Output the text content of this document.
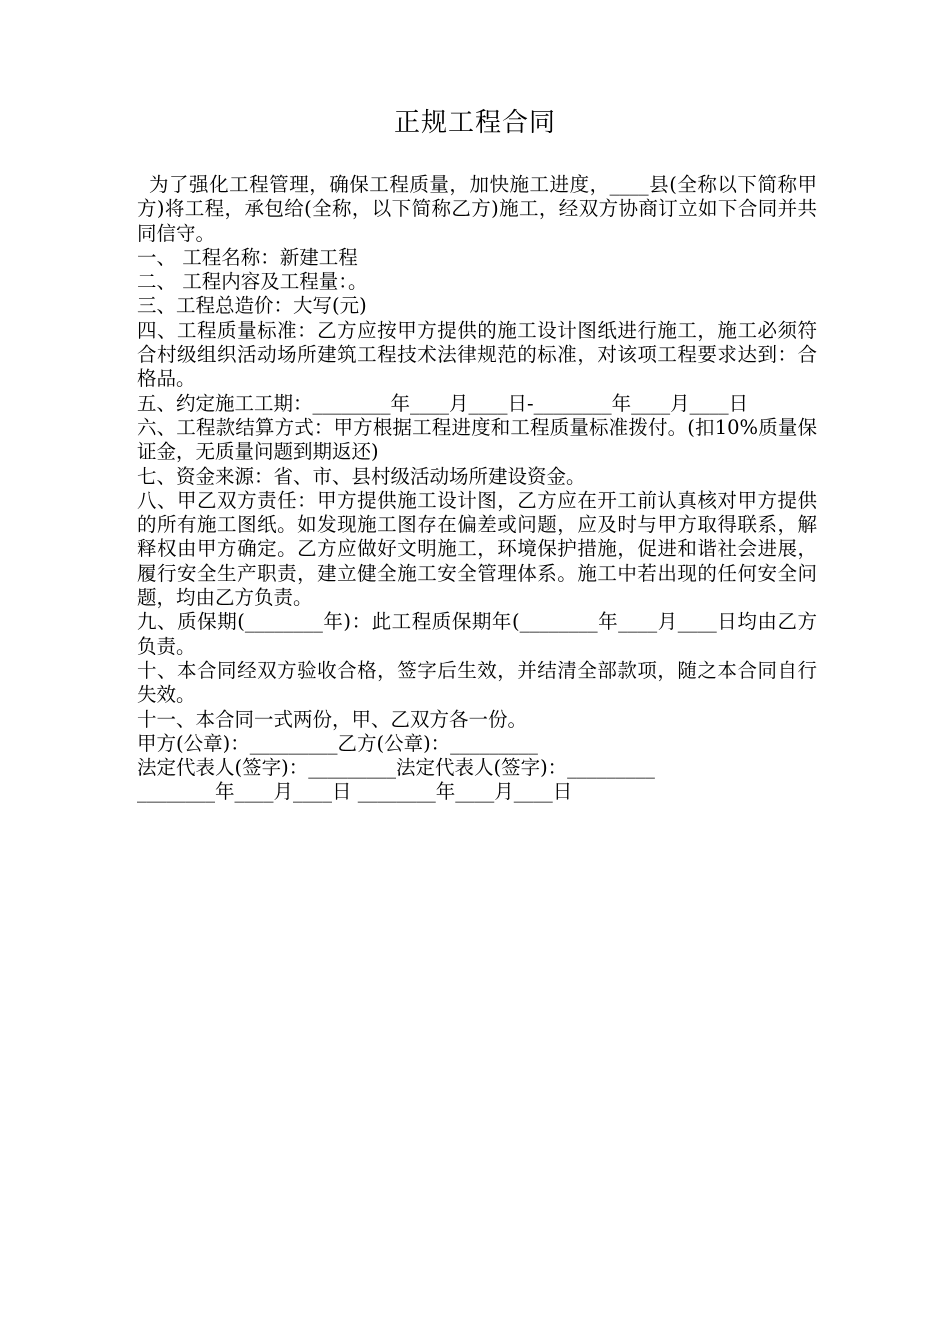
正规工程合同

为了强化工程管理，确保工程质量，加快施工进度，____县(全称以下简称甲方)将工程，承包给(全称，以下简称乙方)施工，经双方协商订立如下合同并共同信守。

一、 工程名称：新建工程

二、 工程内容及工程量：。

三、工程总造价：大写(元)

四、工程质量标准：乙方应按甲方提供的施工设计图纸进行施工，施工必须符合村级组织活动场所建筑工程技术法律规范的标准，对该项工程要求达到：合格品。

五、约定施工工期：________年____月____日-________年____月____日

六、工程款结算方式：甲方根据工程进度和工程质量标准拨付。(扣10%质量保证金，无质量问题到期返还)

七、资金来源：省、市、县村级活动场所建设资金。

八、甲乙双方责任：甲方提供施工设计图，乙方应在开工前认真核对甲方提供的所有施工图纸。如发现施工图存在偏差或问题，应及时与甲方取得联系，解释权由甲方确定。乙方应做好文明施工，环境保护措施，促进和谐社会进展，履行安全生产职责，建立健全施工安全管理体系。施工中若出现的任何安全问题，均由乙方负责。

九、质保期(________年)：此工程质保期年(________年____月____日均由乙方负责。

十、本合同经双方验收合格，签字后生效，并结清全部款项，随之本合同自行失效。

十一、本合同一式两份，甲、乙双方各一份。

甲方(公章)：_________乙方(公章)：_________

法定代表人(签字)：_________法定代表人(签字)：_________

________年____月____日 ________年____月____日
